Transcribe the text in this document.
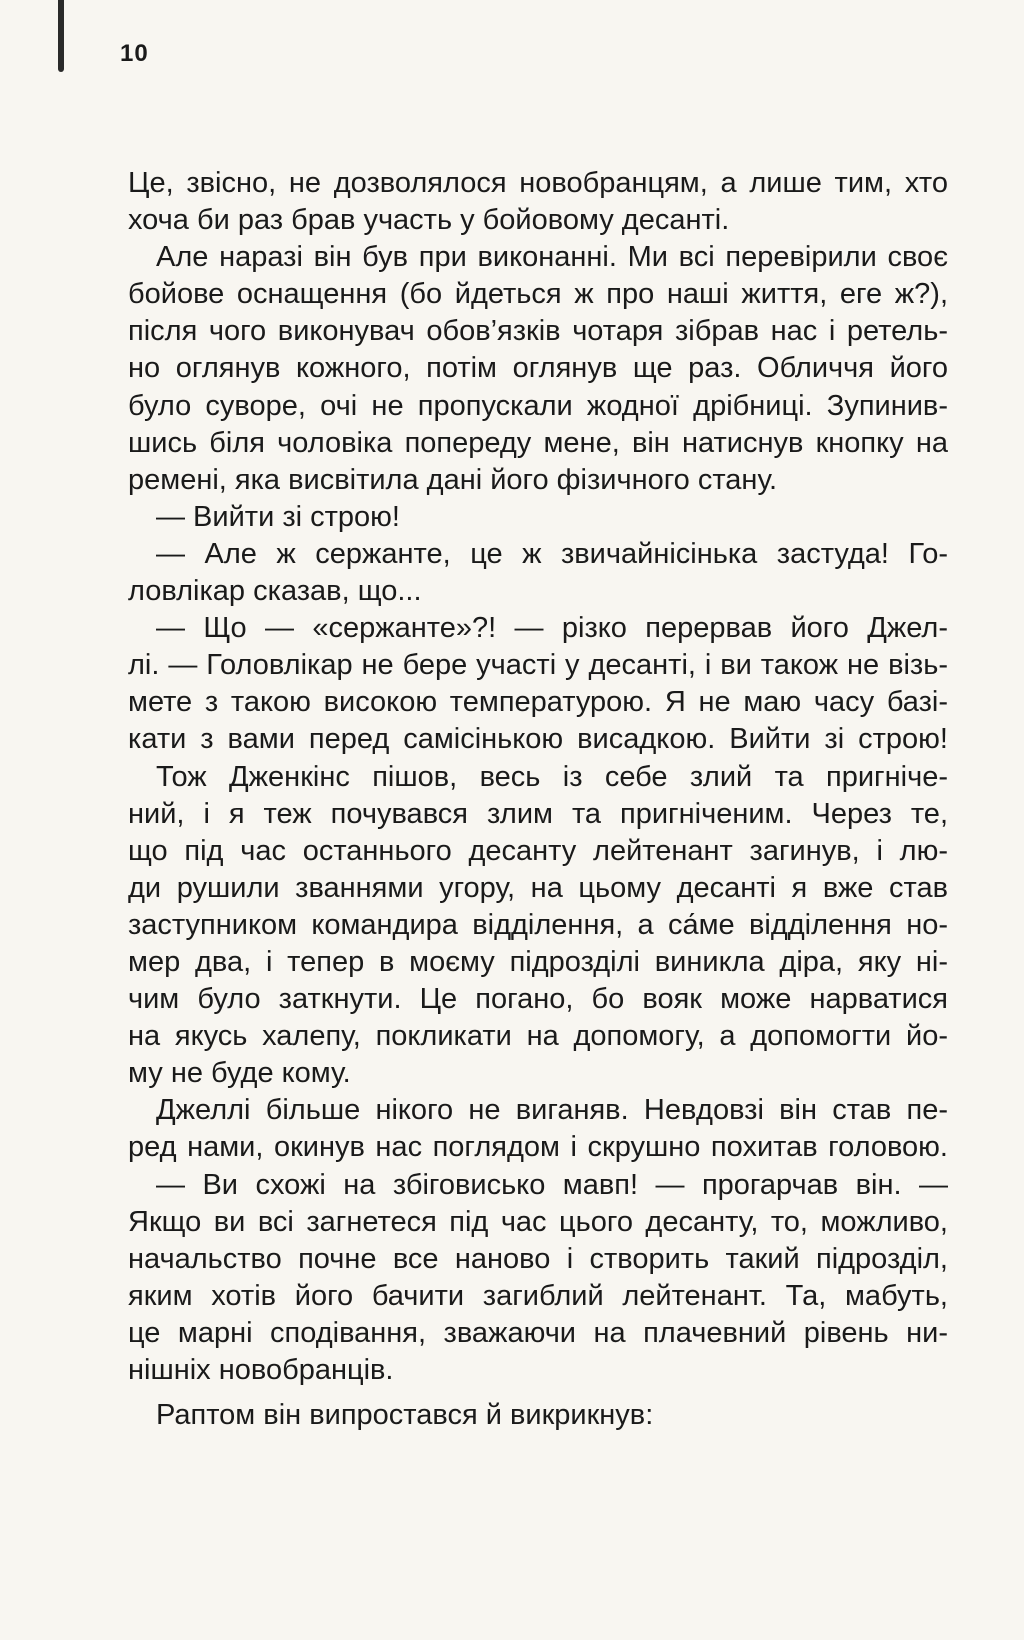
10
Це, звісно, не дозволялося новобранцям, а лише тим, хто
хоча би раз брав участь у бойовому десанті.
Але наразі він був при виконанні. Ми всі перевірили своє
бойове оснащення (бо йдеться ж про наші життя, еге ж?),
після чого виконувач обов’язків чотаря зібрав нас і ретель-
но оглянув кожного, потім оглянув ще раз. Обличчя його
було суворе, очі не пропускали жодної дрібниці. Зупинив-
шись біля чоловіка попереду мене, він натиснув кнопку на
ремені, яка висвітила дані його фізичного стану.
— Вийти зі строю!
— Але ж сержанте, це ж звичайнісінька застуда! Го-
ловлікар сказав, що...
— Що — «сержанте»?! — різко перервав його Джел-
лі. — Головлікар не бере участі у десанті, і ви також не візь-
мете з такою високою температурою. Я не маю часу базі-
кати з вами перед самісінькою висадкою. Вийти зі строю!
Тож Дженкінс пішов, весь із себе злий та пригніче-
ний, і я теж почувався злим та пригніченим. Через те,
що під час останнього десанту лейтенант загинув, і лю-
ди рушили званнями угору, на цьому десанті я вже став
заступником командира відділення, а са́ме відділення но-
мер два, і тепер в моєму підрозділі виникла діра, яку ні-
чим було заткнути. Це погано, бо вояк може нарватися
на якусь халепу, покликати на допомогу, а допомогти йо-
му не буде кому.
Джеллі більше нікого не виганяв. Невдовзі він став пе-
ред нами, окинув нас поглядом і скрушно похитав головою.
— Ви схожі на збіговисько мавп! — прогарчав він. —
Якщо ви всі загнетеся під час цього десанту, то, можливо,
начальство почне все наново і створить такий підрозділ,
яким хотів його бачити загиблий лейтенант. Та, мабуть,
це марні сподівання, зважаючи на плачевний рівень ни-
нішніх новобранців.
Раптом він випростався й викрикнув:
